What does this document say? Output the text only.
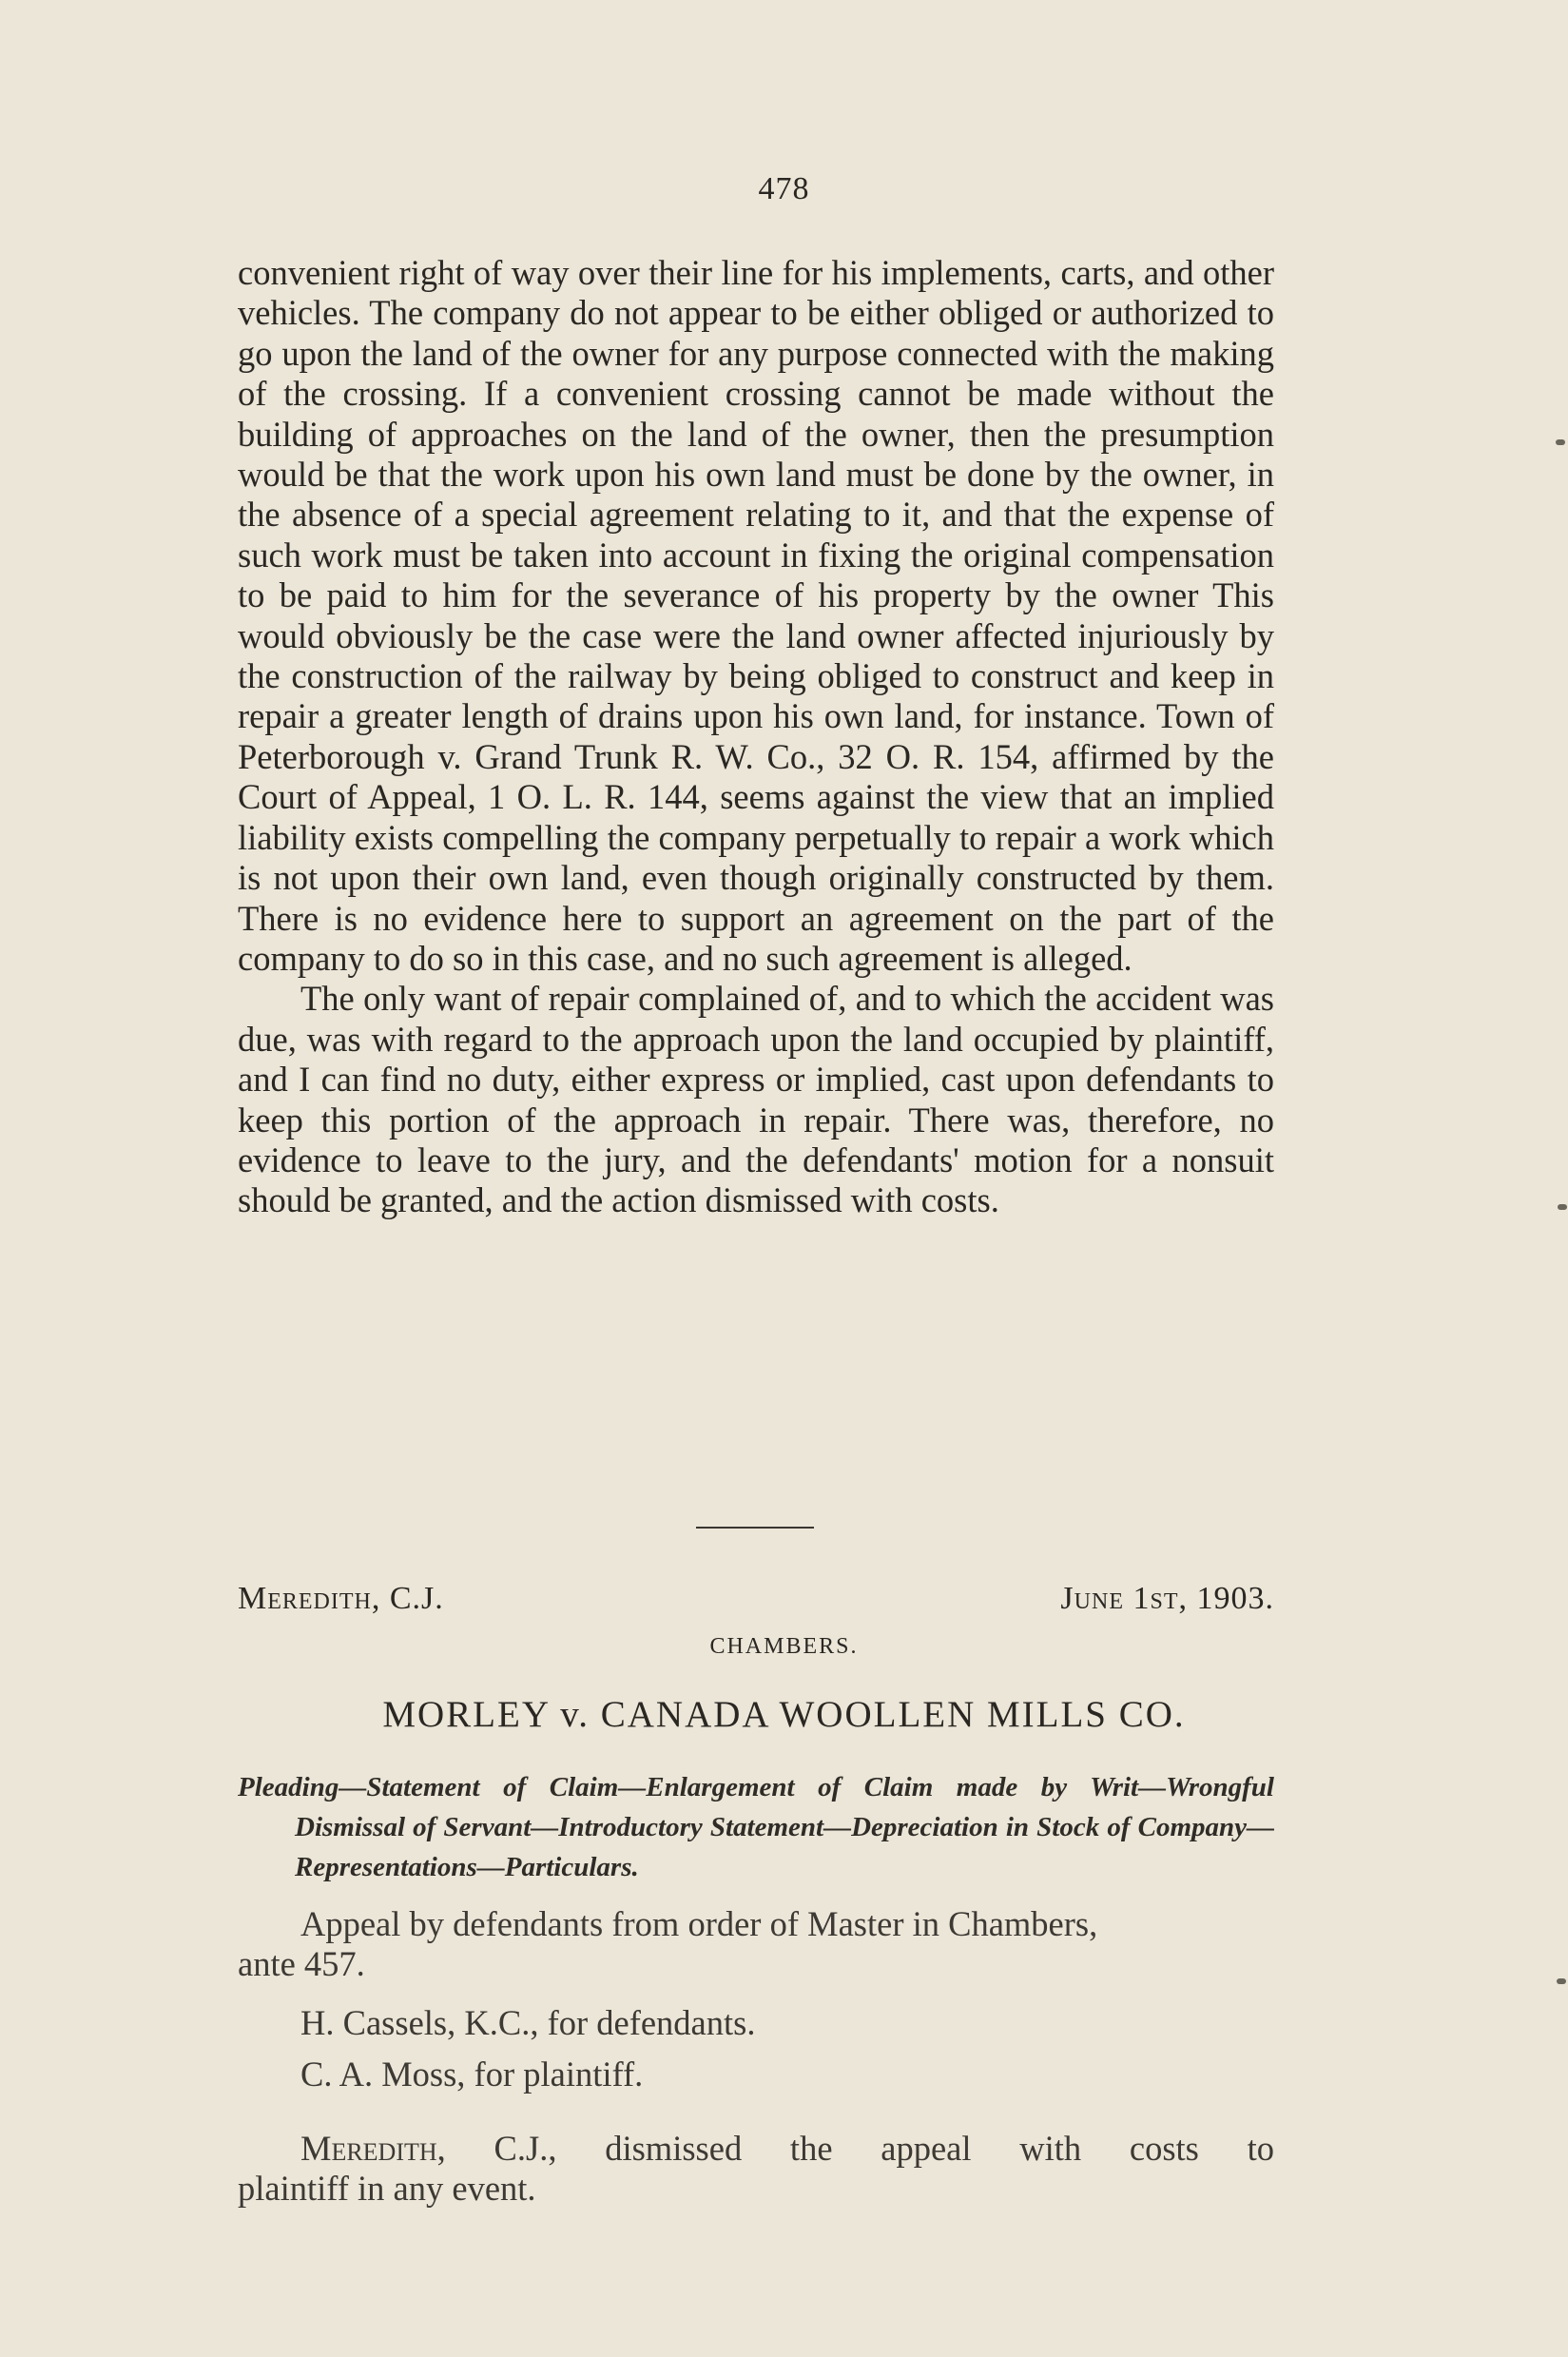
478

convenient right of way over their line for his implements, carts, and other vehicles. The company do not appear to be either obliged or authorized to go upon the land of the owner for any purpose connected with the making of the crossing. If a convenient crossing cannot be made without the building of approaches on the land of the owner, then the presumption would be that the work upon his own land must be done by the owner, in the absence of a special agreement relating to it, and that the expense of such work must be taken into account in fixing the original compensation to be paid to him for the severance of his property by the owner This would obviously be the case were the land owner affected injuriously by the construction of the railway by being obliged to construct and keep in repair a greater length of drains upon his own land, for instance. Town of Peterborough v. Grand Trunk R. W. Co., 32 O. R. 154, affirmed by the Court of Appeal, 1 O. L. R. 144, seems against the view that an implied liability exists compelling the company perpetually to repair a work which is not upon their own land, even though originally constructed by them. There is no evidence here to support an agreement on the part of the company to do so in this case, and no such agreement is alleged.

The only want of repair complained of, and to which the accident was due, was with regard to the approach upon the land occupied by plaintiff, and I can find no duty, either express or implied, cast upon defendants to keep this portion of the approach in repair. There was, therefore, no evidence to leave to the jury, and the defendants' motion for a nonsuit should be granted, and the action dismissed with costs.

Meredith, C.J.	June 1st, 1903.
CHAMBERS.
MORLEY v. CANADA WOOLLEN MILLS CO.
Pleading—Statement of Claim—Enlargement of Claim made by Writ—Wrongful Dismissal of Servant—Introductory Statement—Depreciation in Stock of Company—Representations—Particulars.
Appeal by defendants from order of Master in Chambers,
ante 457.
H. Cassels, K.C., for defendants.
C. A. Moss, for plaintiff.
Meredith, C.J., dismissed the appeal with costs to
plaintiff in any event.
